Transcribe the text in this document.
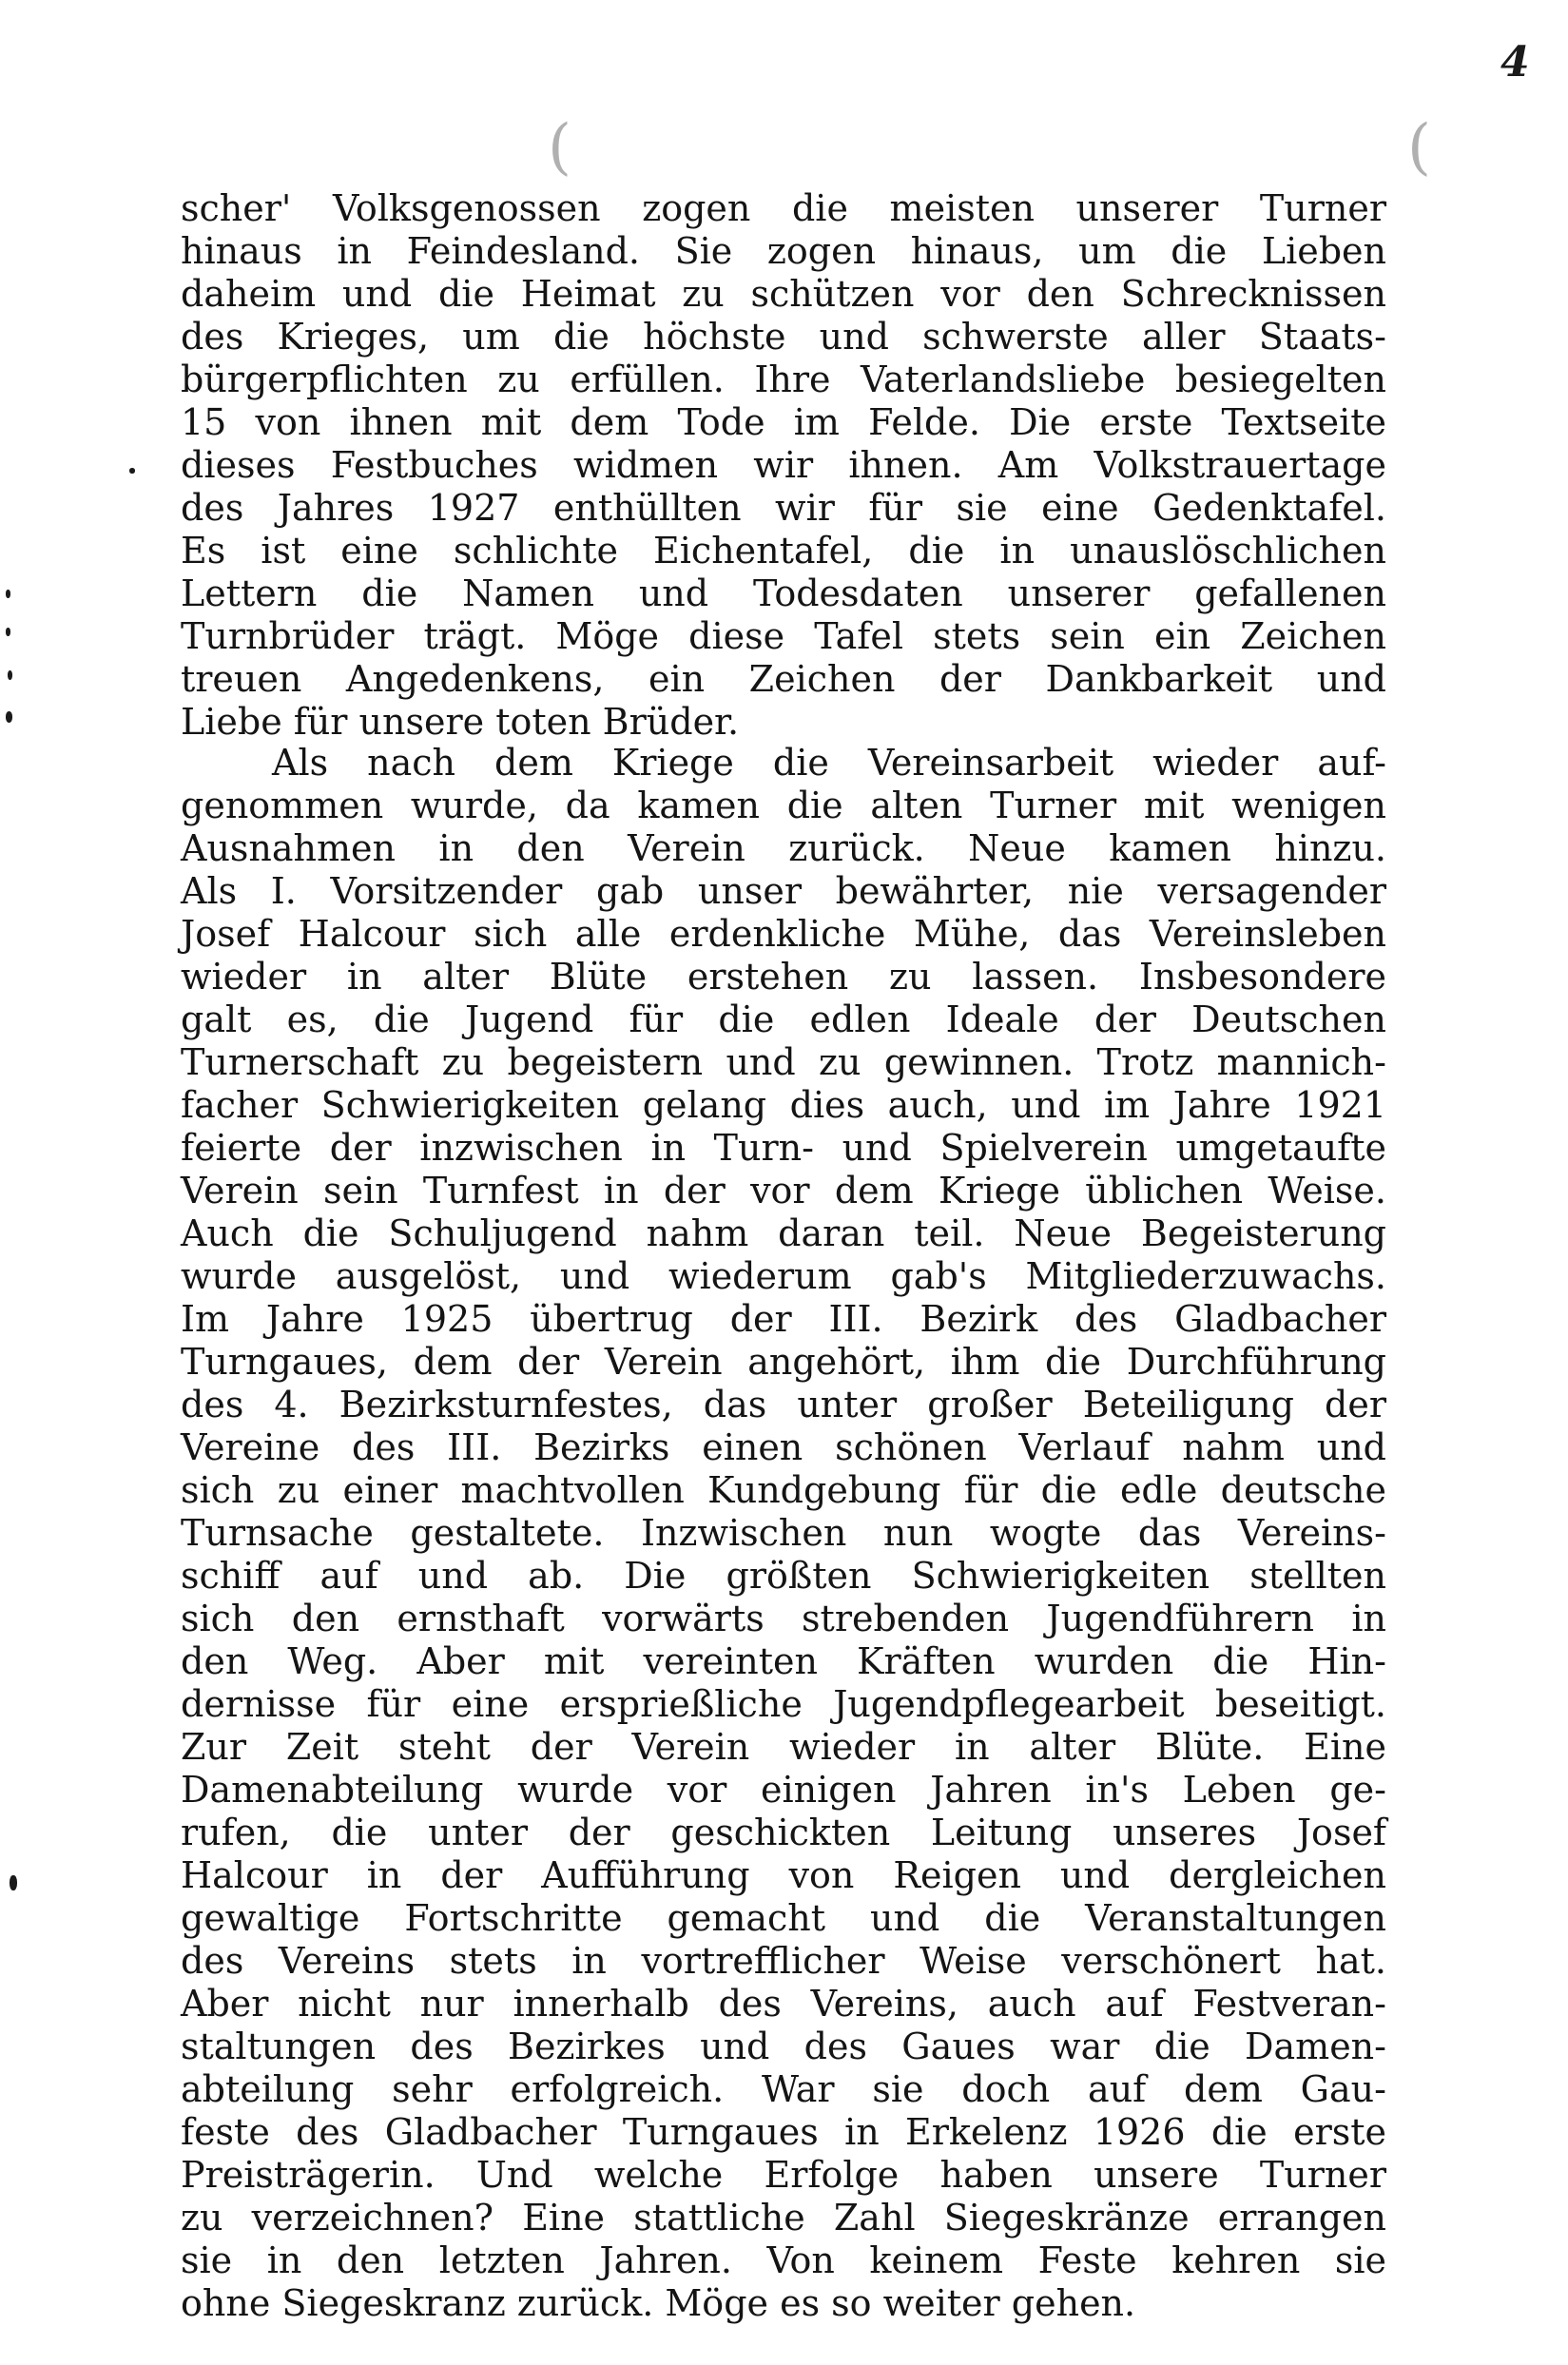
4
(	(
scher' Volksgenossen zogen die meisten unserer Turner
hinaus in Feindesland. Sie zogen hinaus, um die Lieben
daheim und die Heimat zu schützen vor den Schrecknissen
des Krieges, um die höchste und schwerste aller Staats-
bürgerpflichten zu erfüllen. Ihre Vaterlandsliebe besiegelten
15 von ihnen mit dem Tode im Felde. Die erste Textseite
dieses Festbuches widmen wir ihnen. Am Volkstrauertage
des Jahres 1927 enthüllten wir für sie eine Gedenktafel.
Es ist eine schlichte Eichentafel, die in unauslöschlichen
Lettern die Namen und Todesdaten unserer gefallenen
Turnbrüder trägt. Möge diese Tafel stets sein ein Zeichen
treuen Angedenkens, ein Zeichen der Dankbarkeit und
Liebe für unsere toten Brüder.
Als nach dem Kriege die Vereinsarbeit wieder auf-
genommen wurde, da kamen die alten Turner mit wenigen
Ausnahmen in den Verein zurück. Neue kamen hinzu.
Als I. Vorsitzender gab unser bewährter, nie versagender
Josef Halcour sich alle erdenkliche Mühe, das Vereinsleben
wieder in alter Blüte erstehen zu lassen. Insbesondere
galt es, die Jugend für die edlen Ideale der Deutschen
Turnerschaft zu begeistern und zu gewinnen. Trotz mannich-
facher Schwierigkeiten gelang dies auch, und im Jahre 1921
feierte der inzwischen in Turn- und Spielverein umgetaufte
Verein sein Turnfest in der vor dem Kriege üblichen Weise.
Auch die Schuljugend nahm daran teil. Neue Begeisterung
wurde ausgelöst, und wiederum gab's Mitgliederzuwachs.
Im Jahre 1925 übertrug der III. Bezirk des Gladbacher
Turngaues, dem der Verein angehört, ihm die Durchführung
des 4. Bezirksturnfestes, das unter großer Beteiligung der
Vereine des III. Bezirks einen schönen Verlauf nahm und
sich zu einer machtvollen Kundgebung für die edle deutsche
Turnsache gestaltete. Inzwischen nun wogte das Vereins-
schiff auf und ab. Die größten Schwierigkeiten stellten
sich den ernsthaft vorwärts strebenden Jugendführern in
den Weg. Aber mit vereinten Kräften wurden die Hin-
dernisse für eine ersprießliche Jugendpflegearbeit beseitigt.
Zur Zeit steht der Verein wieder in alter Blüte. Eine
Damenabteilung wurde vor einigen Jahren in's Leben ge-
rufen, die unter der geschickten Leitung unseres Josef
Halcour in der Aufführung von Reigen und dergleichen
gewaltige Fortschritte gemacht und die Veranstaltungen
des Vereins stets in vortrefflicher Weise verschönert hat.
Aber nicht nur innerhalb des Vereins, auch auf Festveran-
staltungen des Bezirkes und des Gaues war die Damen-
abteilung sehr erfolgreich. War sie doch auf dem Gau-
feste des Gladbacher Turngaues in Erkelenz 1926 die erste
Preisträgerin. Und welche Erfolge haben unsere Turner
zu verzeichnen? Eine stattliche Zahl Siegeskränze errangen
sie in den letzten Jahren. Von keinem Feste kehren sie
ohne Siegeskranz zurück. Möge es so weiter gehen.
